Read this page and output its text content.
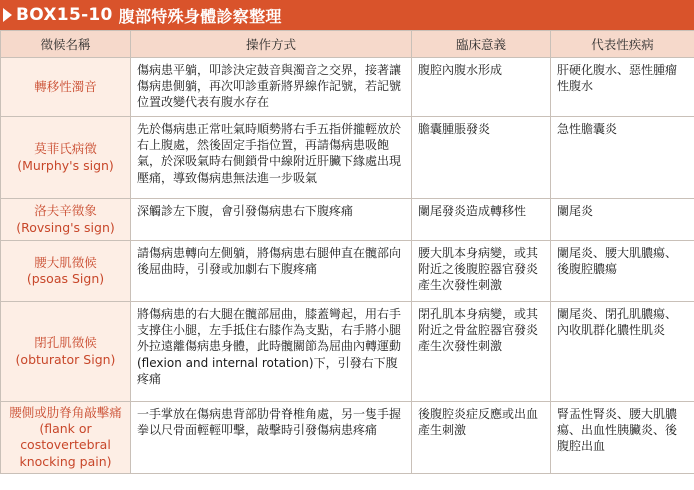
BOX15-10 腹部特殊身體診察整理
徵候名稱	操作方式	臨床意義	代表性疾病
轉移性濁音	傷病患平躺，叩診決定鼓音與濁音之交界，接著讓傷病患側躺，再次叩診重新將界線作記號，若記號位置改變代表有腹水存在	腹腔內腹水形成	肝硬化腹水、惡性腫瘤性腹水
莫菲氏病徵
(Murphy's sign)	先於傷病患正常吐氣時順勢將右手五指併攏輕放於右上腹處，然後固定手指位置，再請傷病患吸飽氣，於深吸氣時右側鎖骨中線附近肝臟下緣處出現壓痛，導致傷病患無法進一步吸氣	膽囊腫脹發炎	急性膽囊炎
洛夫辛徵象
(Rovsing's sign)	深觸診左下腹，會引發傷病患右下腹疼痛	闌尾發炎造成轉移性	闌尾炎
腰大肌徵候
(psoas Sign)	請傷病患轉向左側躺，將傷病患右腿伸直在髖部向後屈曲時，引發或加劇右下腹疼痛	腰大肌本身病變，或其附近之後腹腔器官發炎產生次發性刺激	闌尾炎、腰大肌膿瘍、後腹腔膿瘍
閉孔肌徵候
(obturator Sign)	將傷病患的右大腿在髖部屈曲，膝蓋彎起，用右手支撐住小腿，左手抵住右膝作為支點，右手將小腿外拉遠離傷病患身體，此時髖關節為屈曲內轉運動(flexion and internal rotation)下，引發右下腹疼痛	閉孔肌本身病變，或其附近之骨盆腔器官發炎產生次發性刺激	闌尾炎、閉孔肌膿瘍、內收肌群化膿性肌炎
腰側或肋脊角敲擊痛
(flank or costovertebral knocking pain)	一手掌放在傷病患背部肋骨脊椎角處，另一隻手握拳以尺骨面輕輕叩擊，敲擊時引發傷病患疼痛	後腹腔炎症反應或出血產生刺激	腎盂性腎炎、腰大肌膿瘍、出血性胰臟炎、後腹腔出血
